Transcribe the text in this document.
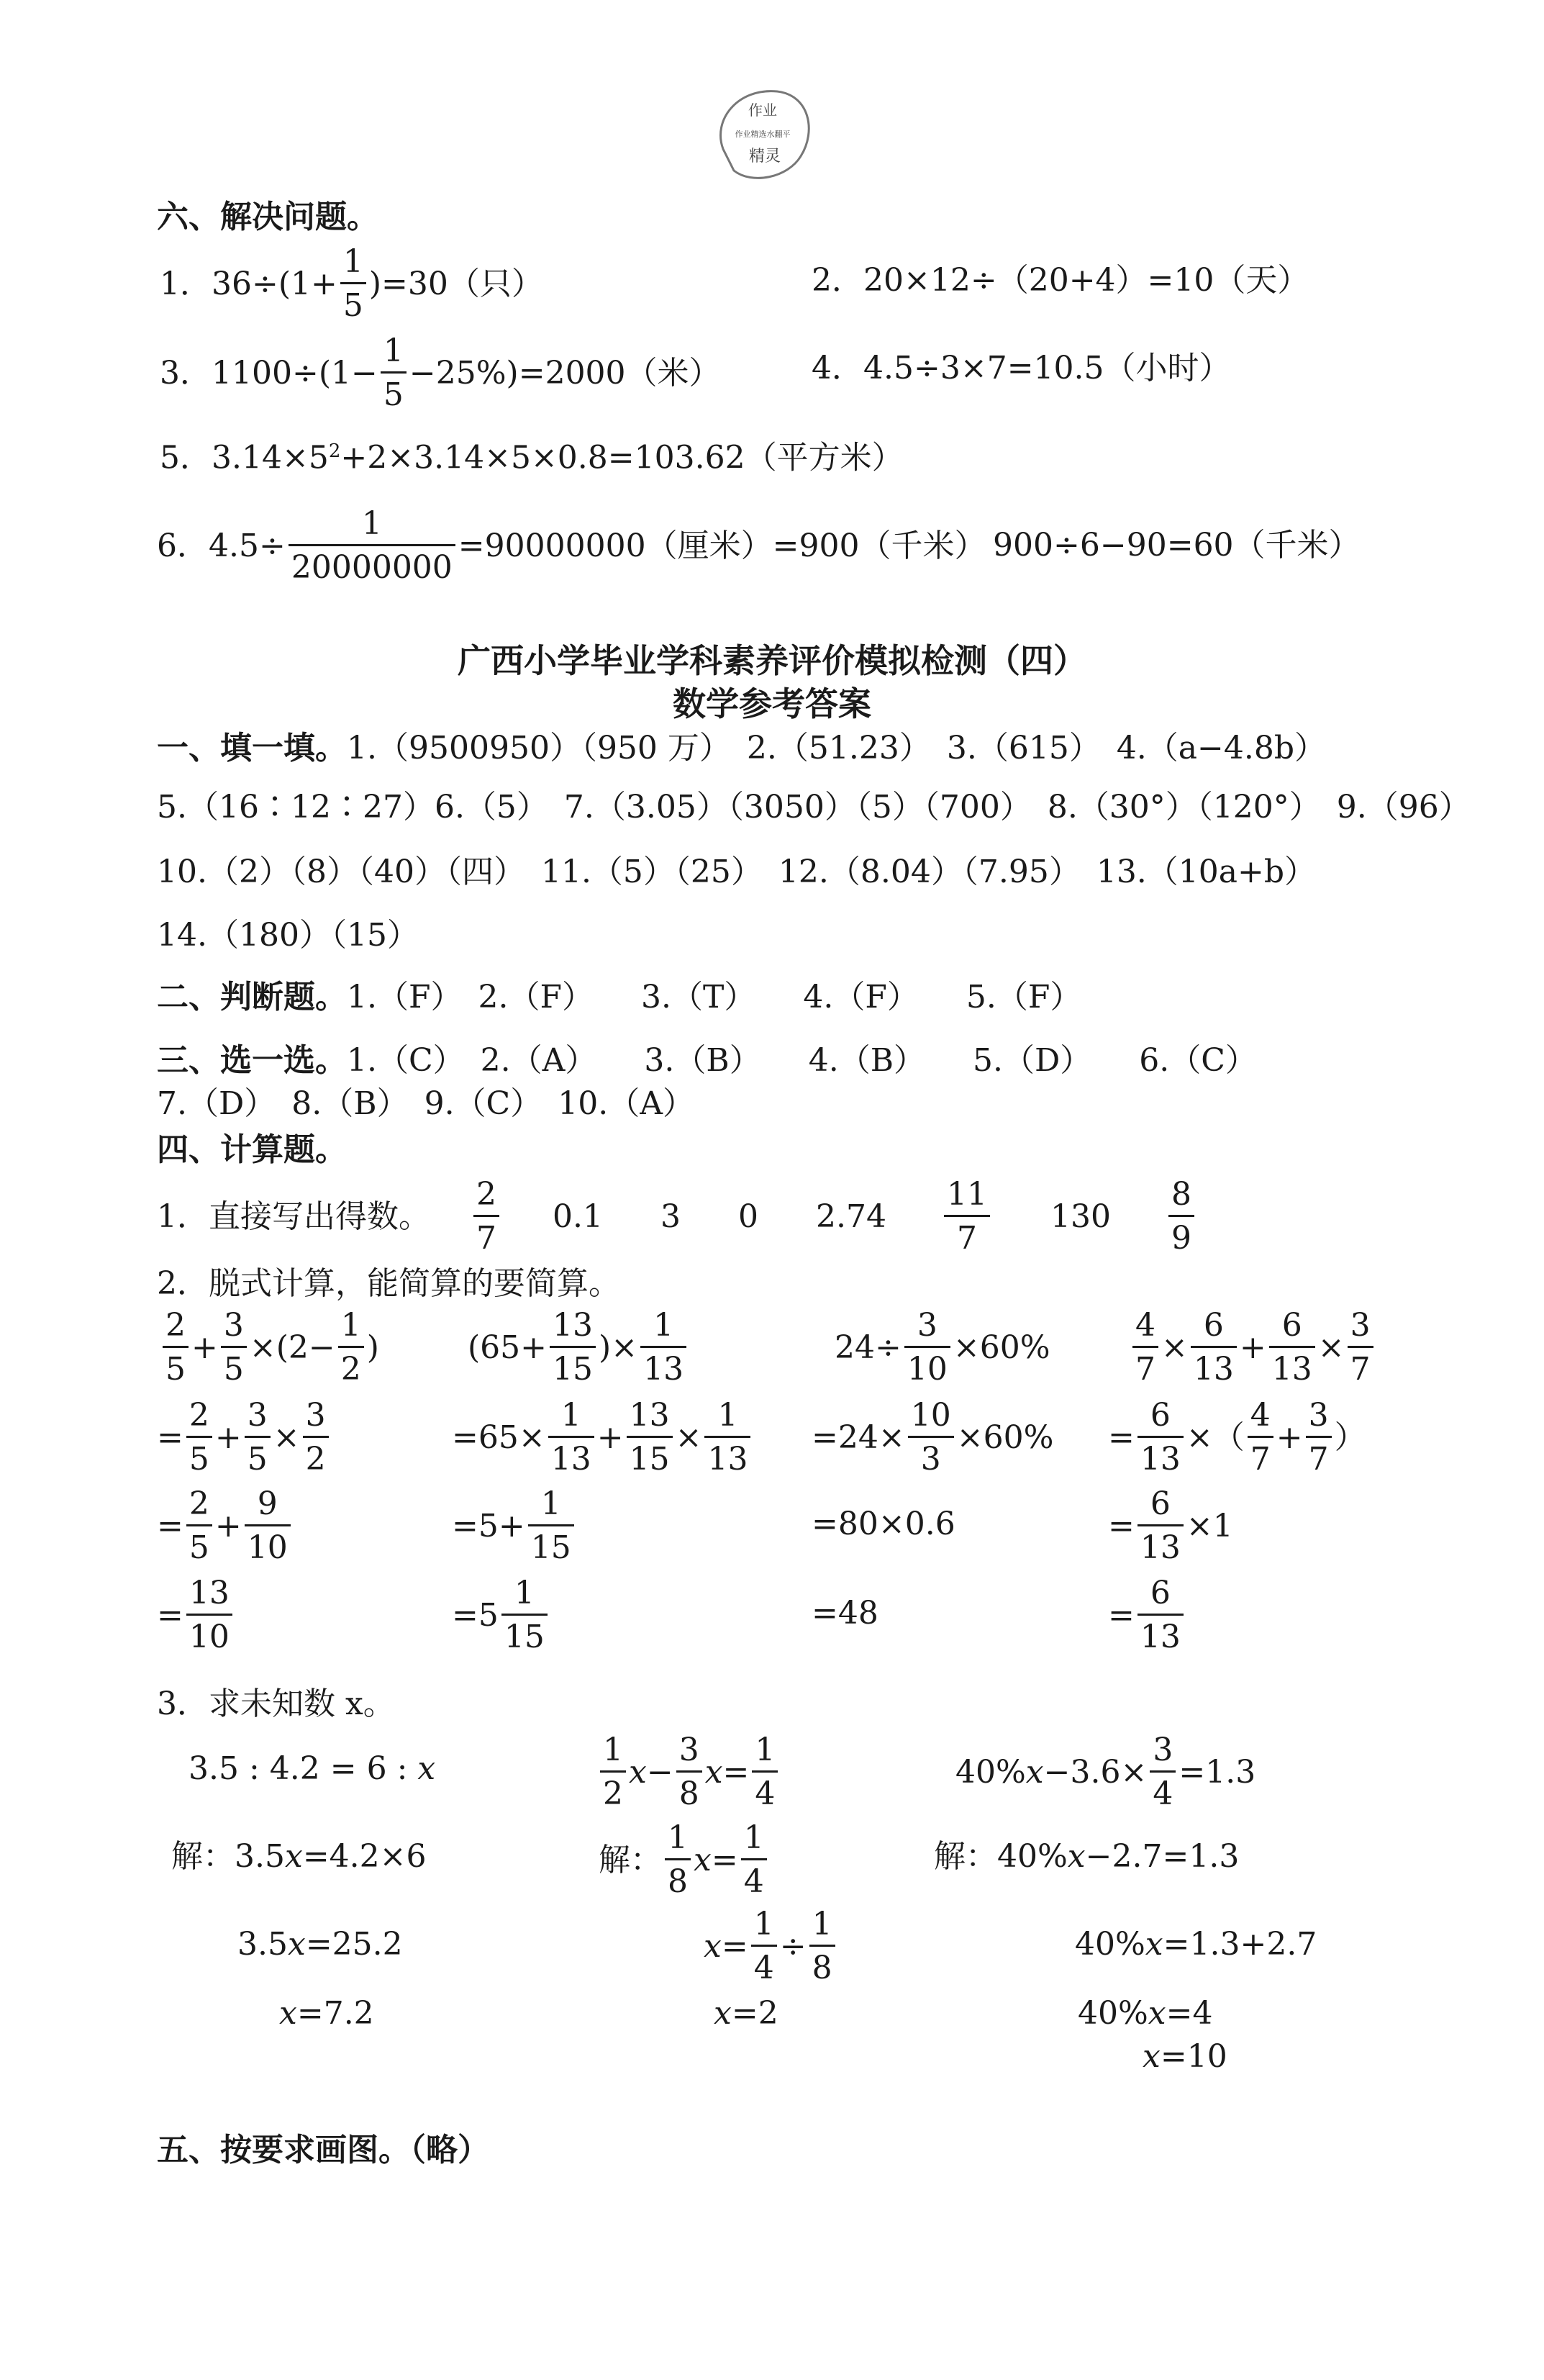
作业
作业精选水翻平
精灵
六、解决问题。
1．$36\div(1+ \frac{1}{5} )=30$（只）	2．20×12÷（20+4）=10（天）
3．$1100\div(1- \frac{1}{5} -25\%)=2000$（米）	4．4.5÷3×7=10.5（小时）
5．$3.14\times 5^2+2\times 3.14\times 5\times 0.8=103.62$（平方米）
6．$4.5\div \frac{1}{20000000} =90000000$（厘米）=900（千米） 900÷6−90=60（千米）
广西小学毕业学科素养评价模拟检测（四）
数学参考答案
一、填一填。1.（9500950）（950 万）　2.（51.23）　3.（615）　4.（a−4.8b）
5.（16∶12∶27）6.（5）　7.（3.05）（3050）（5）（700）　8.（30°）（120°）　9.（96）
10.（2）（8）（40）（四）　11.（5）（25）　12.（8.04）（7.95）　13.（10a+b）
14.（180）（15）
二、判断题。1.（F）　2.（F）　　3.（T）　　4.（F）　　5.（F）
三、选一选。1.（C）　2.（A）　　3.（B）　　4.（B）　　5.（D）　　6.（C）
7.（D）　8.（B）　9.（C）　10.（A）
四、计算题。
1．直接写出得数。 $\frac{2}{7} 0.1$ 3 0 $2.74 \frac{11}{7} 130 \frac{8}{9}$
2．脱式计算，能简算的要简算。
$\frac{2}{5} + \frac{3}{5} \times(2- \frac{1}{2}$ )
= $\frac{2}{5} + \frac{3}{5} \times \frac{3}{2}$
= $\frac{2}{5} + \frac{9}{10}$
= $\frac{13}{10}$
($65+ \frac{13}{15}$ )× $\frac{1}{13}$
$=65\times \frac{1}{13} + \frac{13}{15} \times \frac{1}{13}$
$=5+ \frac{1}{15}$
$=5 \frac{1}{15}$
$24\div \frac{3}{10} \times 60\%$
$=24\times \frac{10}{3} \times 60\%$
=80×0.6
=48
$\frac{4}{7} \times \frac{6}{13} + \frac{6}{13} \times \frac{3}{7}$
= $\frac{6}{13}$ ×（ $\frac{4}{7} + \frac{3}{7}$ ）
= $\frac{6}{13} \times 1$
= $\frac{6}{13}$
3．求未知数 x。
3.5 : 4.2 = 6 : x
解：3.5x=4.2×6
3.5x=25.2
x=7.2
$\frac{1}{2}$ $x - \frac{3}{8}$ $x = \frac{1}{4}$
解： $\frac{1}{8}$ $x = \frac{1}{4}$
$x = \frac{1}{4} \div \frac{1}{8}$
x=2
40% $x -3.6\times \frac{3}{4} =1.3$
解：40%x−2.7=1.3
40%x=1.3+2.7
40%x=4
x=10
五、按要求画图。（略）
